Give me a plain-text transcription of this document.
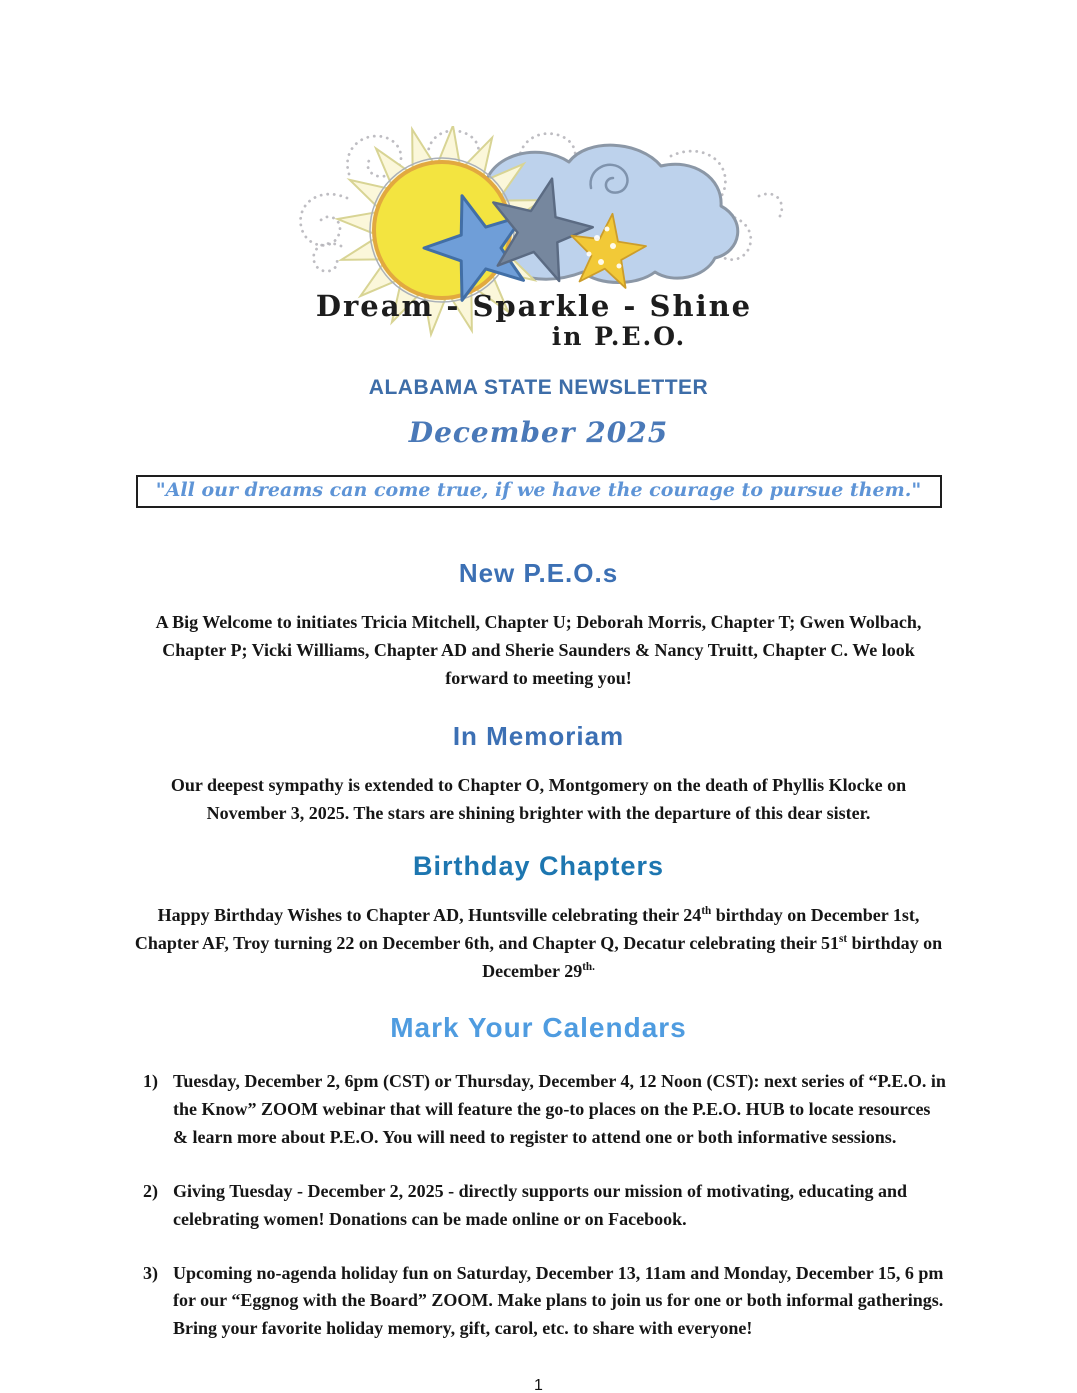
Dream - Sparkle - Shine
in P.E.O.
ALABAMA STATE NEWSLETTER
December 2025
"All our dreams can come true, if we have the courage to pursue them."
New P.E.O.s

A Big Welcome to initiates Tricia Mitchell, Chapter U; Deborah Morris, Chapter T; Gwen Wolbach, Chapter P; Vicki Williams, Chapter AD and Sherie Saunders & Nancy Truitt, Chapter C. We look forward to meeting you!

In Memoriam

Our deepest sympathy is extended to Chapter O, Montgomery on the death of Phyllis Klocke on November 3, 2025. The stars are shining brighter with the departure of this dear sister.

Birthday Chapters

Happy Birthday Wishes to Chapter AD, Huntsville celebrating their 24th birthday on December 1st, Chapter AF, Troy turning 22 on December 6th, and Chapter Q, Decatur celebrating their 51st birthday on December $29^{th.}$

Mark Your Calendars
1) Tuesday, December 2, 6pm (CST) or Thursday, December 4, 12 Noon (CST): next series of “P.E.O. in the Know” ZOOM webinar that will feature the go-to places on the P.E.O. HUB to locate resources & learn more about P.E.O. You will need to register to attend one or both informative sessions.
2) Giving Tuesday - December 2, 2025 - directly supports our mission of motivating, educating and celebrating women! Donations can be made online or on Facebook.
3) Upcoming no-agenda holiday fun on Saturday, December 13, 11am and Monday, December 15, 6 pm for our “Eggnog with the Board” ZOOM. Make plans to join us for one or both informal gatherings. Bring your favorite holiday memory, gift, carol, etc. to share with everyone!
1
